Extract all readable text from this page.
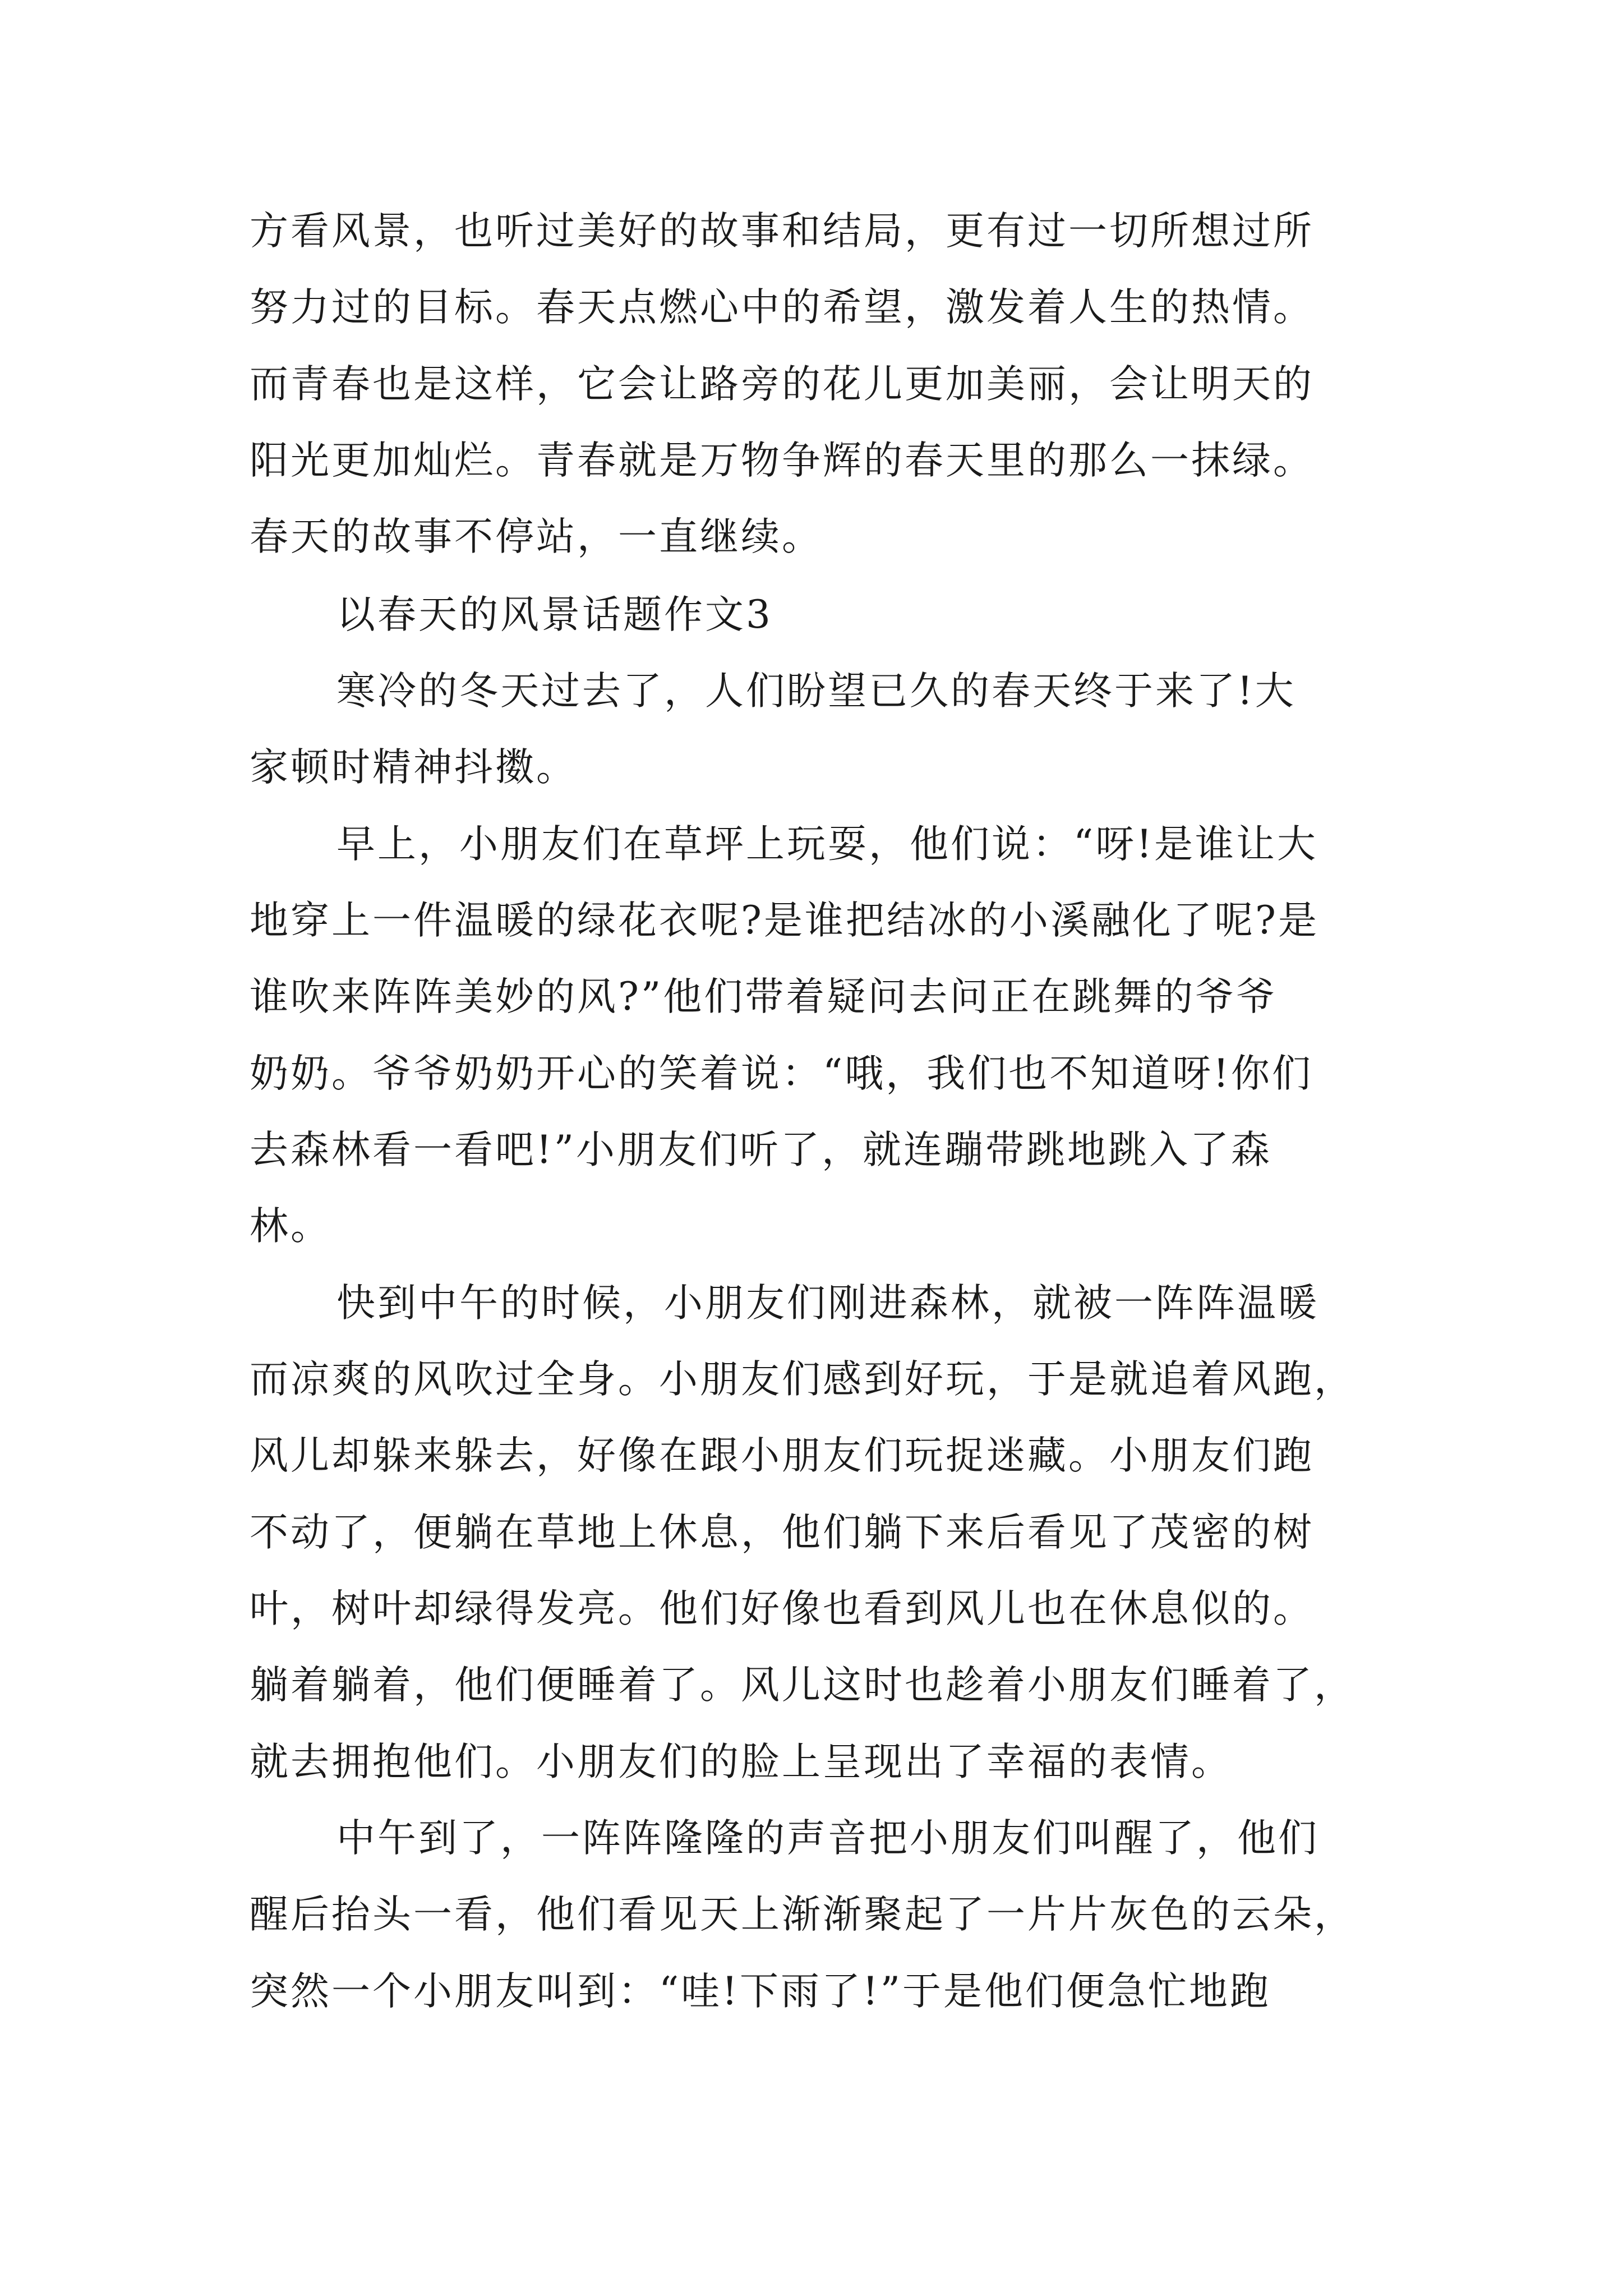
方看风景，也听过美好的故事和结局，更有过一切所想过所
努力过的目标。春天点燃心中的希望，激发着人生的热情。
而青春也是这样，它会让路旁的花儿更加美丽，会让明天的
阳光更加灿烂。青春就是万物争辉的春天里的那么一抹绿。
春天的故事不停站，一直继续。
以春天的风景话题作文3
寒冷的冬天过去了，人们盼望已久的春天终于来了!大
家顿时精神抖擞。
早上，小朋友们在草坪上玩耍，他们说：“呀!是谁让大
地穿上一件温暖的绿花衣呢?是谁把结冰的小溪融化了呢?是
谁吹来阵阵美妙的风?”他们带着疑问去问正在跳舞的爷爷
奶奶。爷爷奶奶开心的笑着说：“哦，我们也不知道呀!你们
去森林看一看吧!”小朋友们听了，就连蹦带跳地跳入了森
林。
快到中午的时候，小朋友们刚进森林，就被一阵阵温暖
而凉爽的风吹过全身。小朋友们感到好玩，于是就追着风跑，
风儿却躲来躲去，好像在跟小朋友们玩捉迷藏。小朋友们跑
不动了，便躺在草地上休息，他们躺下来后看见了茂密的树
叶，树叶却绿得发亮。他们好像也看到风儿也在休息似的。
躺着躺着，他们便睡着了。风儿这时也趁着小朋友们睡着了，
就去拥抱他们。小朋友们的脸上呈现出了幸福的表情。
中午到了，一阵阵隆隆的声音把小朋友们叫醒了，他们
醒后抬头一看，他们看见天上渐渐聚起了一片片灰色的云朵，
突然一个小朋友叫到：“哇!下雨了!”于是他们便急忙地跑
